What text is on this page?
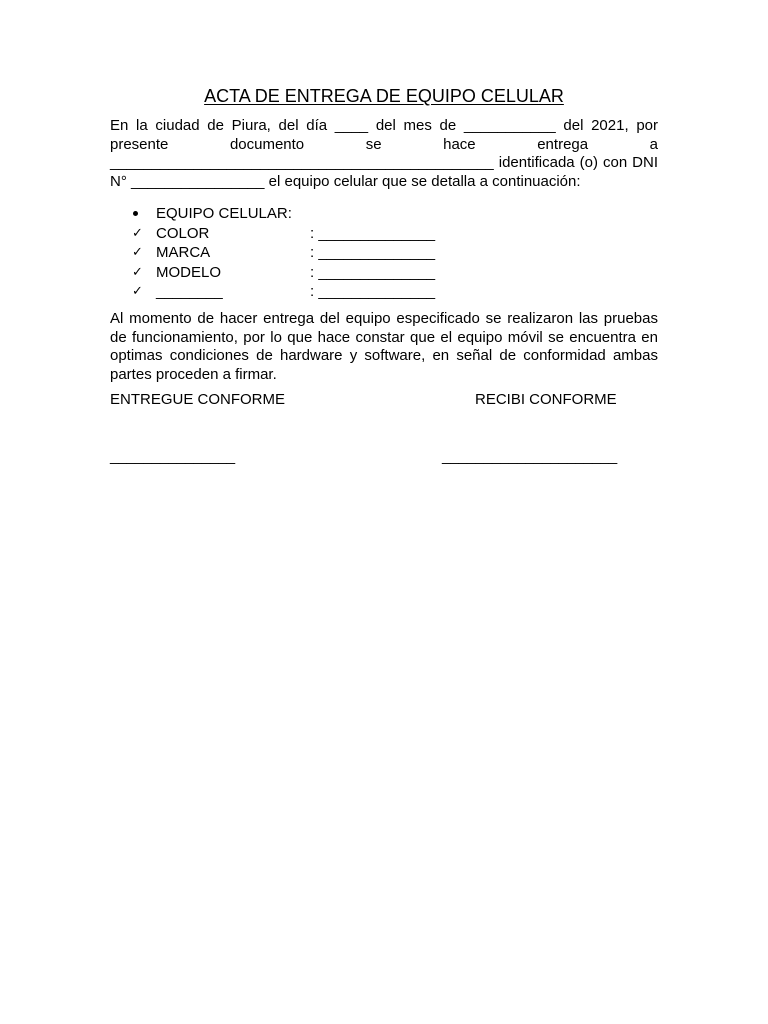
ACTA DE ENTREGA DE EQUIPO CELULAR

En la ciudad de Piura, del día ____ del mes de ___________ del 2021, por presente documento se hace entrega a ______________________________________________ identificada (o) con DNI N° ________________ el equipo celular que se detalla a continuación:

EQUIPO CELULAR:
✓ COLOR	: ______________
✓ MARCA	: ______________
✓ MODELO	: ______________
✓ ________	: ______________

Al momento de hacer entrega del equipo especificado se realizaron las pruebas de funcionamiento, por lo que hace constar que el equipo móvil se encuentra en optimas condiciones de hardware y software, en señal de conformidad ambas partes proceden a firmar.

ENTREGUE CONFORME	RECIBI CONFORME
_______________	_____________________
